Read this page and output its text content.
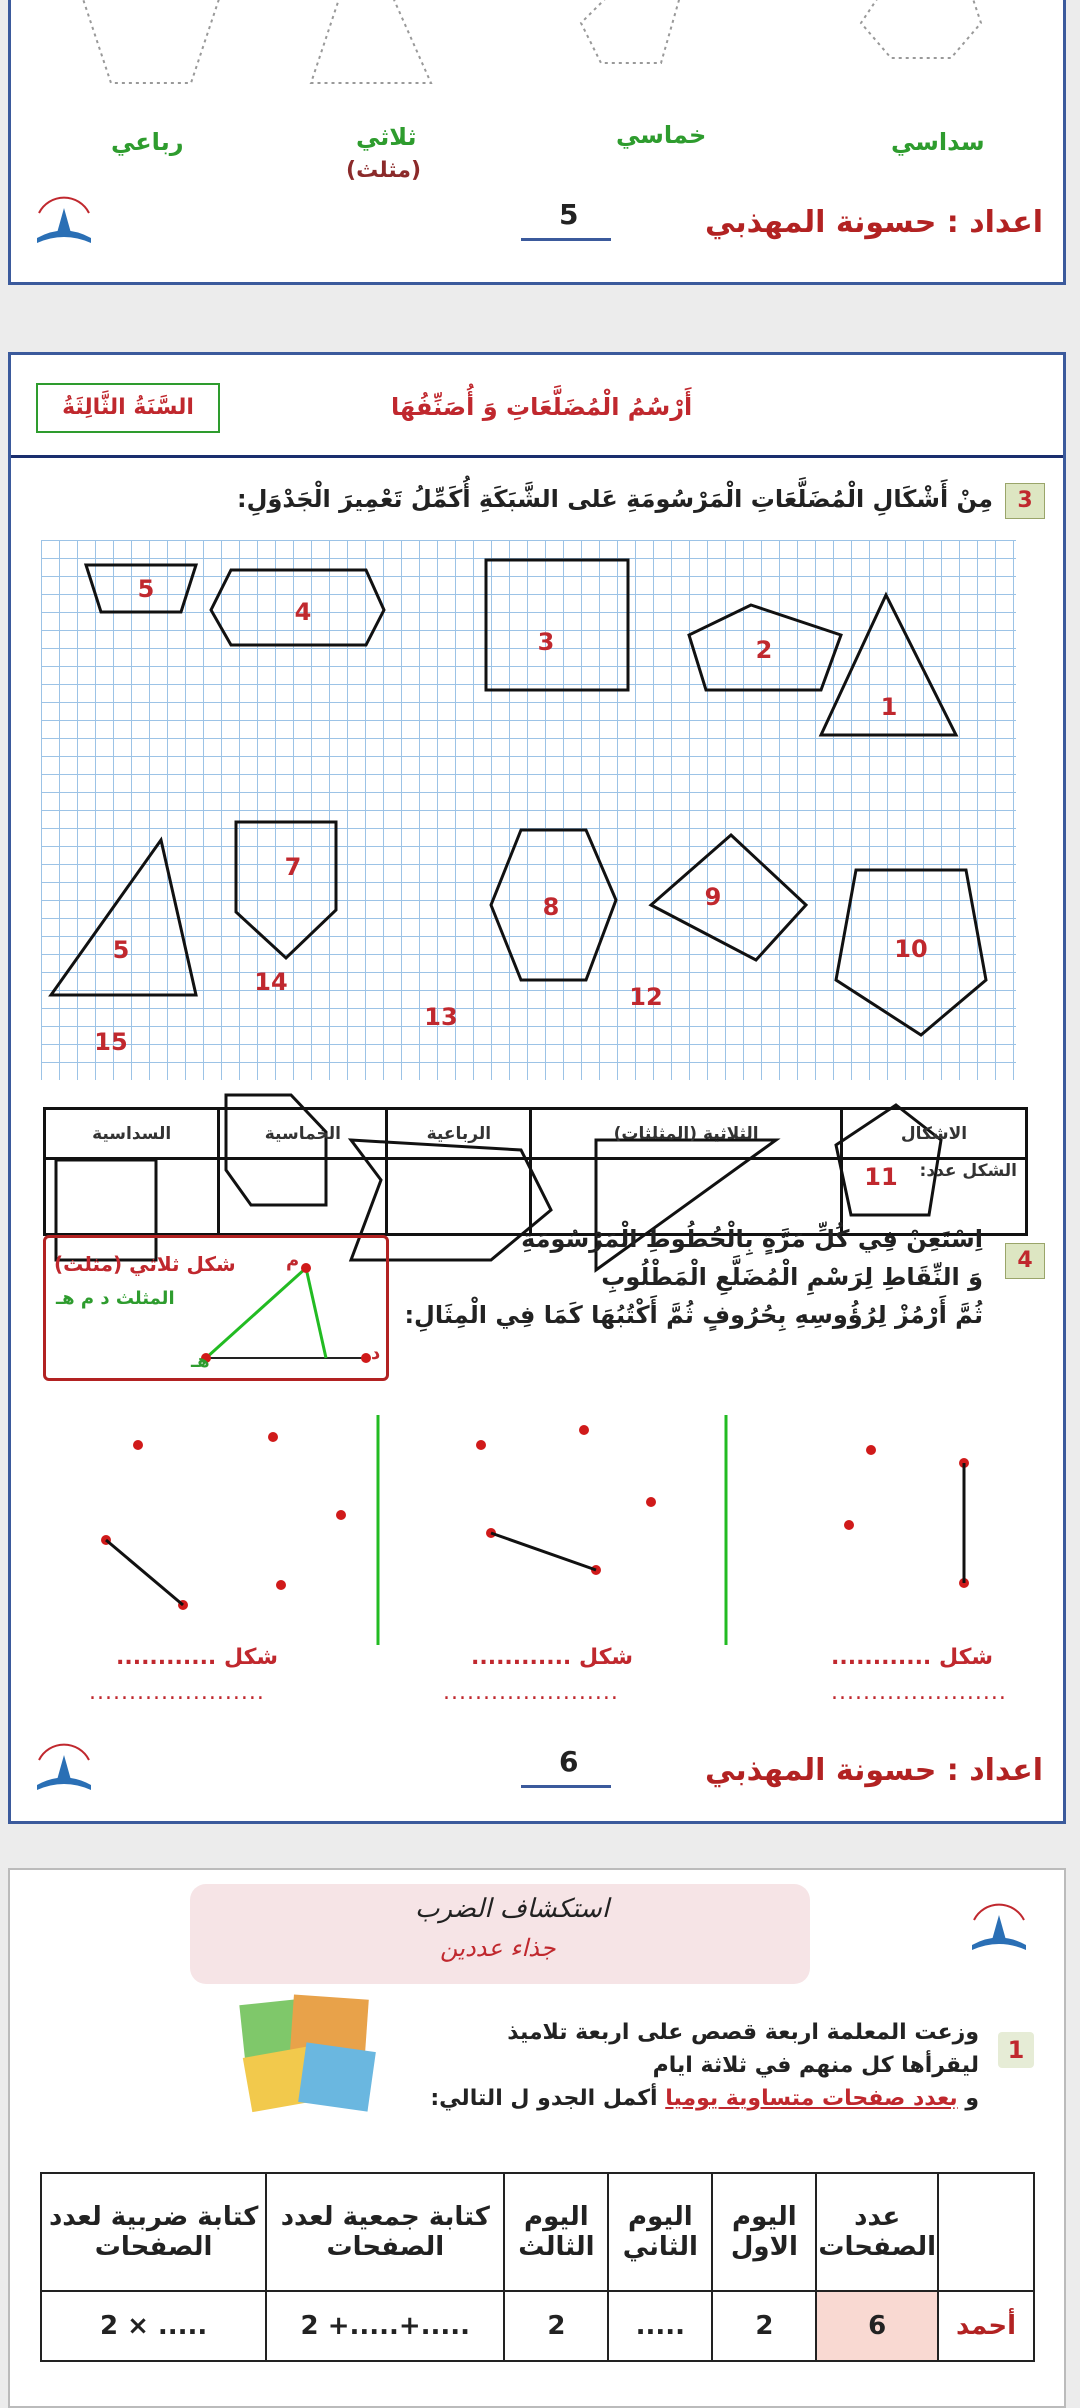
سداسي
خماسي
ثلاثي
(مثلث)
رباعي
5	اعداد : حسونة المهذبي
السَّنَةُ الثَّالِثَةُ	أَرْسُمُ الْمُضَلَّعَاتِ وَ أُصَنِّفُهَا
3
مِنْ أَشْكَالِ الْمُضَلَّعَاتِ الْمَرْسُومَةِ عَلى الشَّبَكَةِ أُكَمِّلُ تَعْمِيرَ الْجَدْوَلِ:
1
2
3
4
5
5
7
8	9
10
11
12
13
14
15
الاشكال	الثلاثية (المثلثات)	الرباعية	الخماسية	السداسية
الشكل عدد:				
4
اِسْتَعِنْ فِي كُلِّ مَرَّةٍ بِالْخُطُوطِ الْمَرْسُومَةِ
وَ النِّقَاطِ لِرَسْمِ الْمُضَلَّعِ الْمَطْلُوبِ
ثُمَّ أَرْمُزْ لِرُؤُوسِهِ بِحُرُوفٍ ثُمَّ أَكْتُبُهَا كَمَا فِي الْمِثَالِ:
شكل ثلاثي (مثلث)
المثلث د م هـ
م
د
هـ
شكل ............	شكل ............	شكل ............
......................	......................	......................
6	اعداد : حسونة المهذبي
استكشاف الضرب
جذاء عددين
1
وزعت المعلمة اربعة قصص على اربعة تلاميذ
ليقرأها كل منهم في ثلاثة ايام
و بعدد صفحات متساوية يوميا أكمل الجدو ل التالي:
	عدد الصفحات	اليوم الاول	اليوم الثاني	اليوم الثالث	كتابة جمعية لعدد الصفحات	كتابة ضربية لعدد الصفحات
أحمد	6	2	.....	2	.....+.....+ 2	..... × 2
